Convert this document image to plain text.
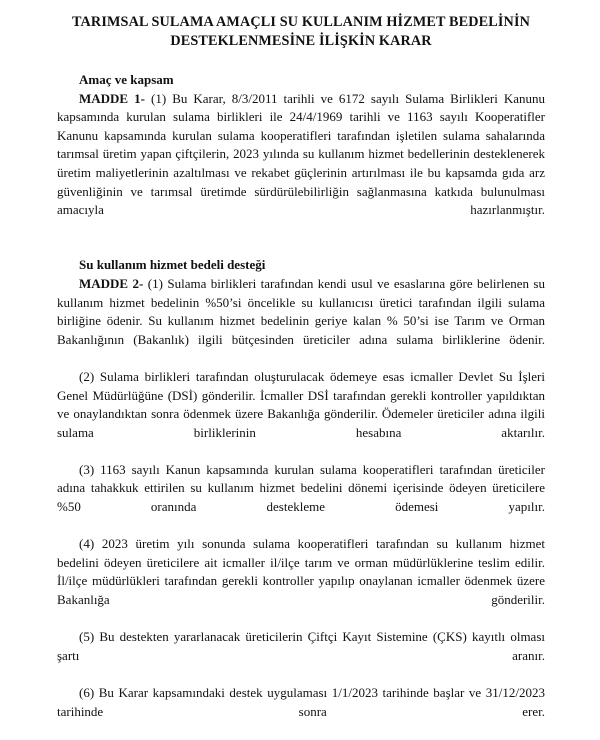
TARIMSAL SULAMA AMAÇLI SU KULLANIM HİZMET BEDELİNİN
DESTEKLENMESİNE İLİŞKİN KARAR

Amaç ve kapsam

MADDE 1- (1) Bu Karar, 8/3/2011 tarihli ve 6172 sayılı Sulama Birlikleri Kanunu kapsamında kurulan sulama birlikleri ile 24/4/1969 tarihli ve 1163 sayılı Kooperatifler Kanunu kapsamında kurulan sulama kooperatifleri tarafından işletilen sulama sahalarında tarımsal üretim yapan çiftçilerin, 2023 yılında su kullanım hizmet bedellerinin desteklenerek üretim maliyetlerinin azaltılması ve rekabet güçlerinin artırılması ile bu kapsamda gıda arz güvenliğinin ve tarımsal üretimde sürdürülebilirliğin sağlanmasına katkıda bulunulması amacıyla hazırlanmıştır.

Su kullanım hizmet bedeli desteği

MADDE 2- (1) Sulama birlikleri tarafından kendi usul ve esaslarına göre belirlenen su kullanım hizmet bedelinin %50’si öncelikle su kullanıcısı üretici tarafından ilgili sulama birliğine ödenir. Su kullanım hizmet bedelinin geriye kalan % 50’si ise Tarım ve Orman Bakanlığının (Bakanlık) ilgili bütçesinden üreticiler adına sulama birliklerine ödenir.

(2) Sulama birlikleri tarafından oluşturulacak ödemeye esas icmaller Devlet Su İşleri Genel Müdürlüğüne (DSİ) gönderilir. İcmaller DSİ tarafından gerekli kontroller yapıldıktan ve onaylandıktan sonra ödenmek üzere Bakanlığa gönderilir. Ödemeler üreticiler adına ilgili sulama birliklerinin hesabına aktarılır.

(3) 1163 sayılı Kanun kapsamında kurulan sulama kooperatifleri tarafından üreticiler adına tahakkuk ettirilen su kullanım hizmet bedelini dönemi içerisinde ödeyen üreticilere %50 oranında destekleme ödemesi yapılır.

(4) 2023 üretim yılı sonunda sulama kooperatifleri tarafından su kullanım hizmet bedelini ödeyen üreticilere ait icmaller il/ilçe tarım ve orman müdürlüklerine teslim edilir. İl/ilçe müdürlükleri tarafından gerekli kontroller yapılıp onaylanan icmaller ödenmek üzere Bakanlığa gönderilir.

(5) Bu destekten yararlanacak üreticilerin Çiftçi Kayıt Sistemine (ÇKS) kayıtlı olması şartı aranır.

(6) Bu Karar kapsamındaki destek uygulaması 1/1/2023 tarihinde başlar ve 31/12/2023 tarihinde sonra erer.
